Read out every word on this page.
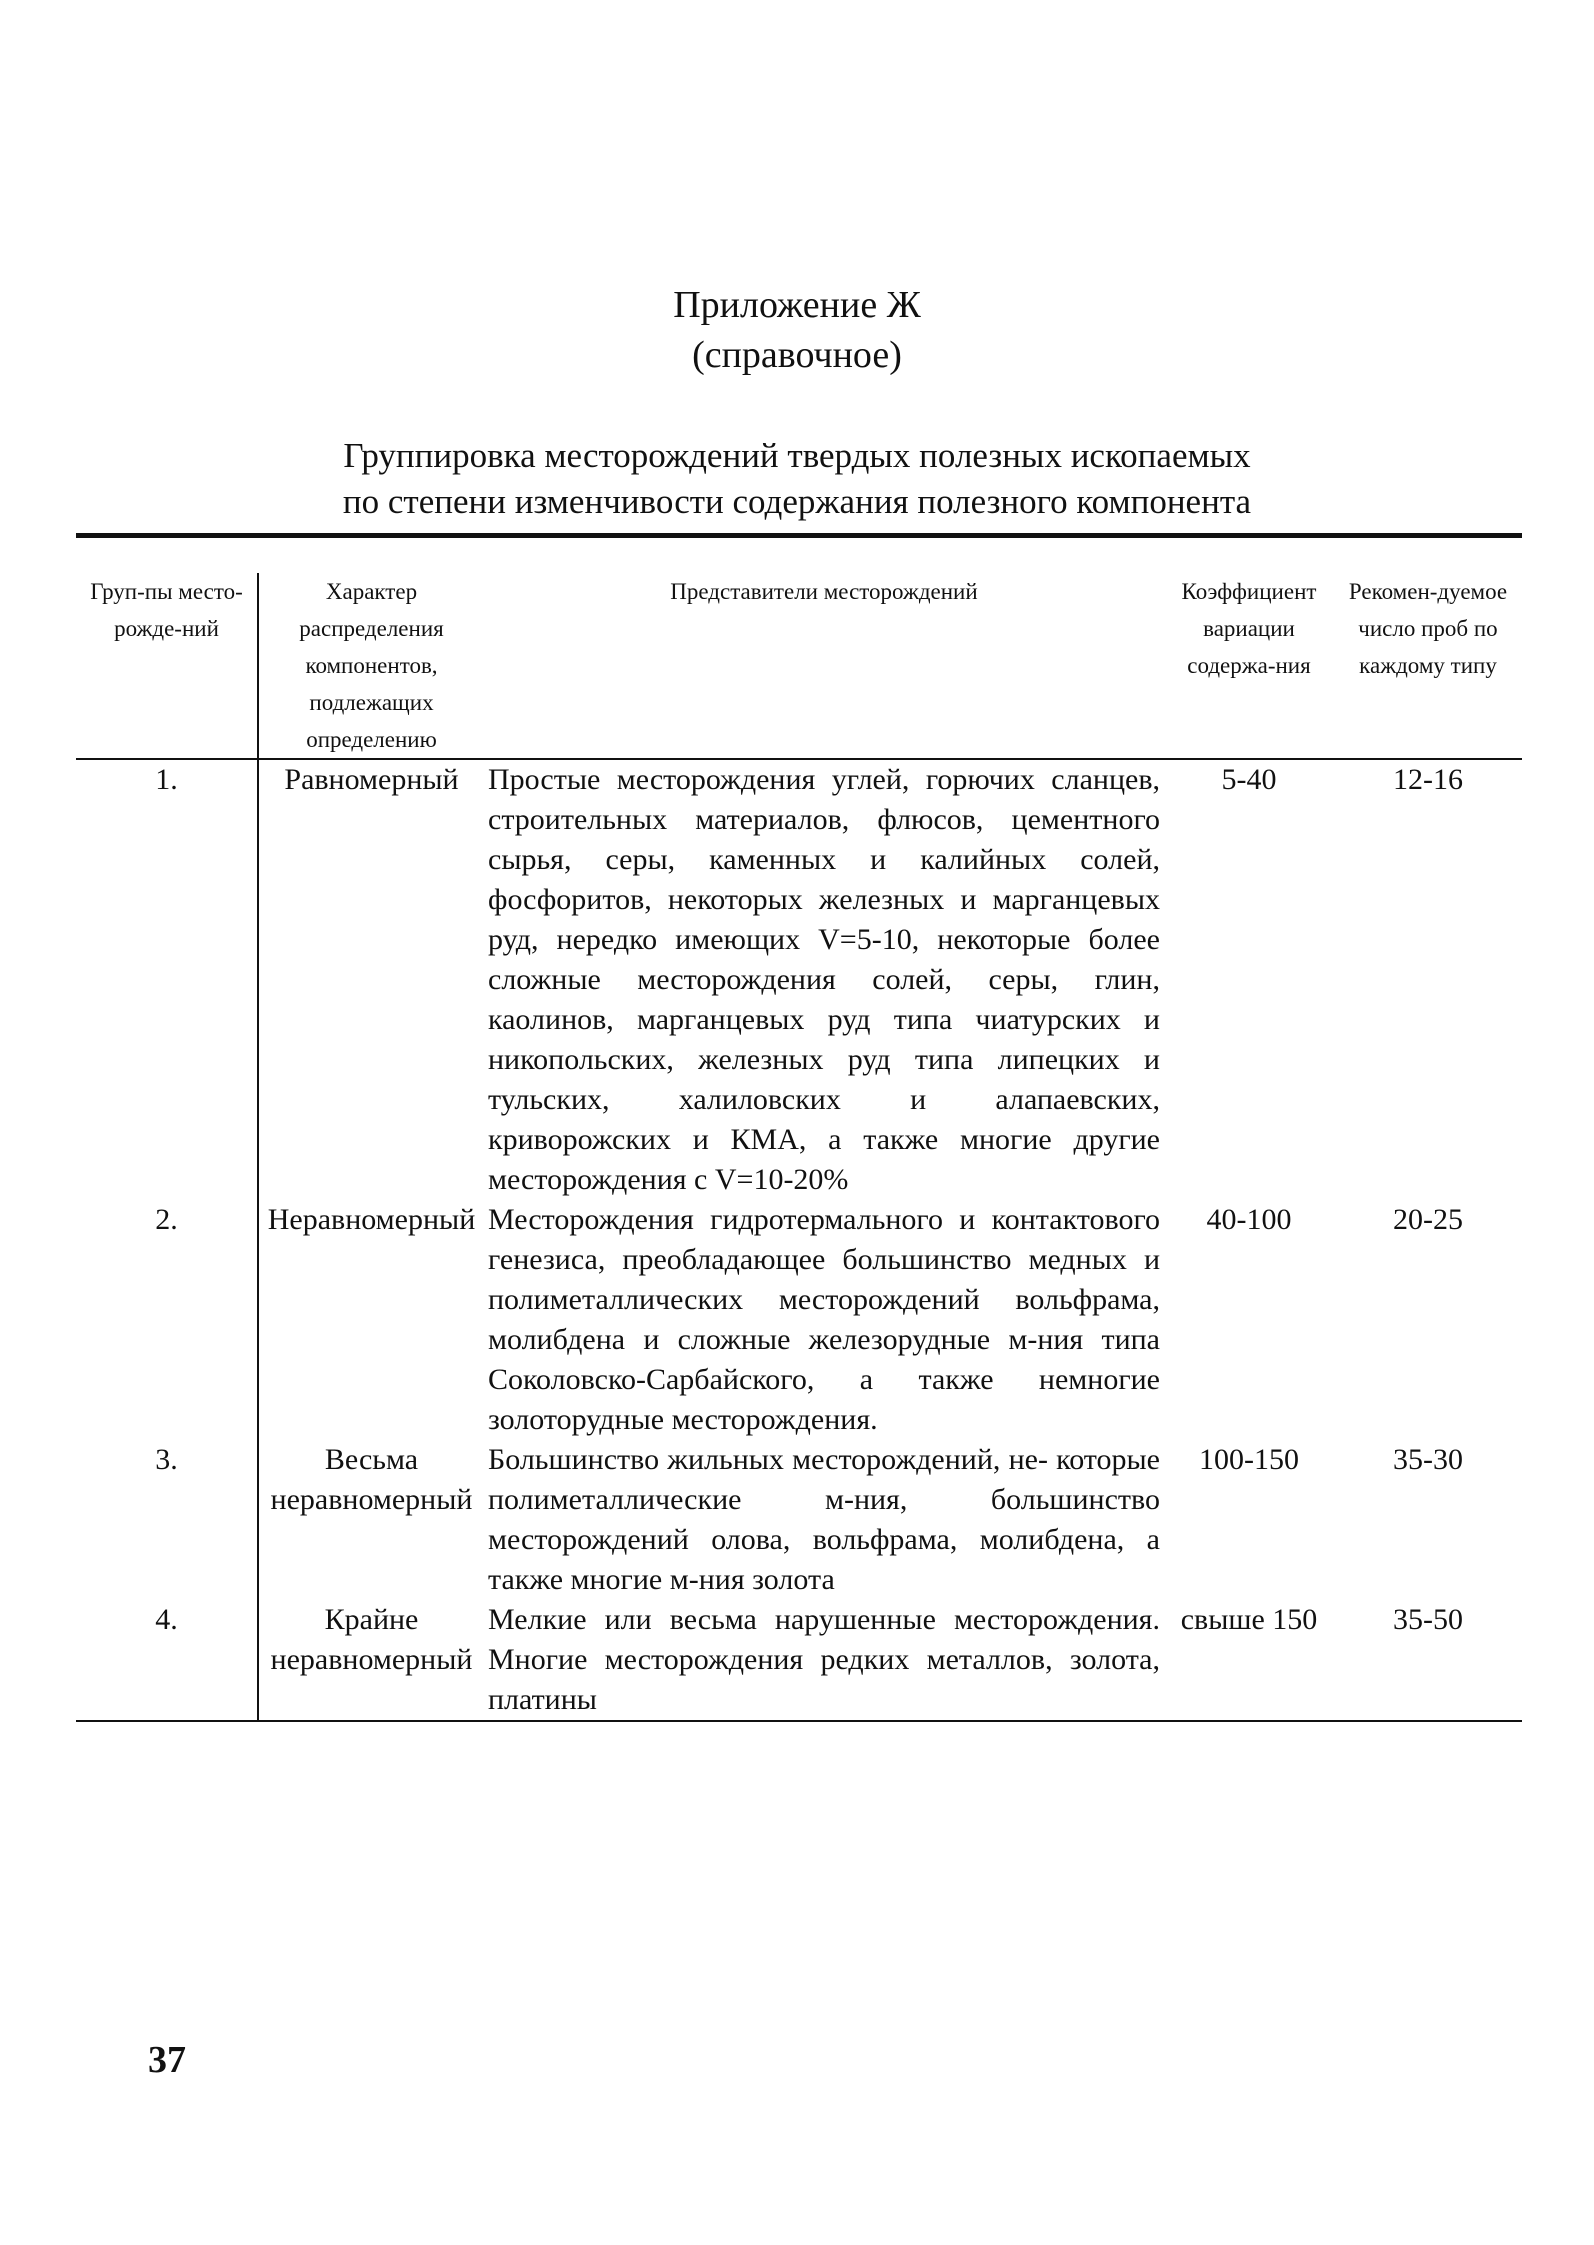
Приложение Ж
(справочное)
Группировка месторождений твердых полезных ископаемых
по степени изменчивости содержания полезного компонента
Груп-пы место-рожде-ний	Характер распределения компонентов, подлежащих определению	Представители месторождений	Коэффициент вариации содержа-ния	Рекомен-дуемое число проб по каждому типу
1.	Равномерный	Простые месторождения углей, горючих сланцев, строительных материалов, флюсов, цементного сырья, серы, каменных и калийных солей, фосфоритов, некоторых железных и марганцевых руд, нередко имеющих V=5-10, некоторые более сложные месторождения солей, серы, глин, каолинов, марганцевых руд типа чиатурских и никопольских, железных руд типа липецких и тульских, халиловских и алапаевских, криворожских и КМА, а также многие другие месторождения с V=10-20%	5-40	12-16
2.	Неравномерный	Месторождения гидротермального и контактового генезиса, преобладающее большинство медных и полиметаллических месторождений вольфрама, молибдена и сложные железорудные м-ния типа Соколовско-Сарбайского, а также немногие золоторудные месторождения.	40-100	20-25
3.	Весьма неравномерный	Большинство жильных месторождений, не- которые полиметаллические м-ния, большинство месторождений олова, вольфрама, молибдена, а также многие м-ния золота	100-150	35-30
4.	Крайне неравномерный	Мелкие или весьма нарушенные месторождения. Многие месторождения редких металлов, золота, платины	свыше 150	35-50
37
